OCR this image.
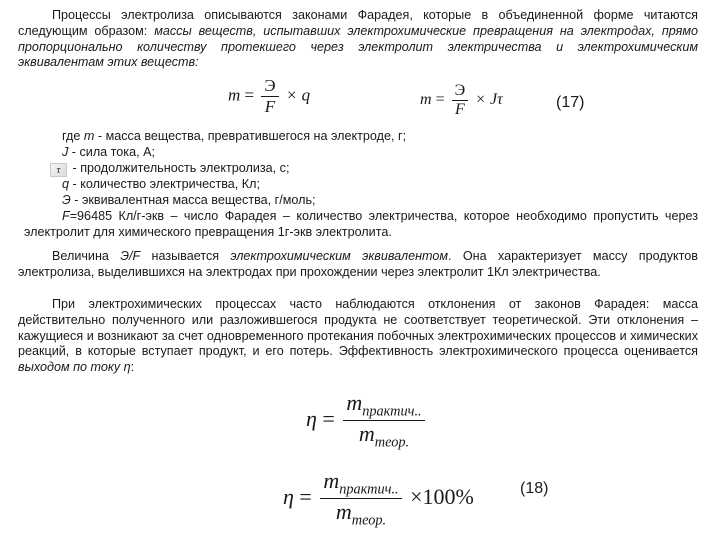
Процессы электролиза описываются законами Фарадея, которые в объединенной форме читаются следующим образом: массы веществ, испытавших электрохимические превращения на электродах, прямо пропорционально количеству протекшего через электролит электричества и электрохимическим эквивалентам этих веществ:

$m = \frac{Э}{F} \times q$	$m = \frac{Э}{F} \times J\tau$	(17)

где m - масса вещества, превратившегося на электроде, г;

J - сила тока, А;

τ - продолжительность электролиза, с;

q - количество электричества, Кл;

Э - эквивалентная масса вещества, г/моль;

F=96485 Кл/г-экв – число Фарадея – количество электричества, которое необходимо пропустить через электролит для химического превращения 1г-экв электролита.

Величина Э/F называется электрохимическим эквивалентом. Она характеризует массу продуктов электролиза, выделившихся на электродах при прохождении через электролит 1Кл электричества.

При электрохимических процессах часто наблюдаются отклонения от законов Фарадея: масса действительно полученного или разложившегося продукта не соответствует теоретической. Эти отклонения – кажущиеся и возникают за счет одновременного протекания побочных электрохимических процессов и химических реакций, в которые вступает продукт, и его потерь. Эффективность электрохимического процесса оценивается выходом по току η:

$\eta = \frac{m_{практич..}}{m_{теор.}}$
$\eta = \frac{m_{практич..}}{m_{теор.}} \times 100\%$	(18)
